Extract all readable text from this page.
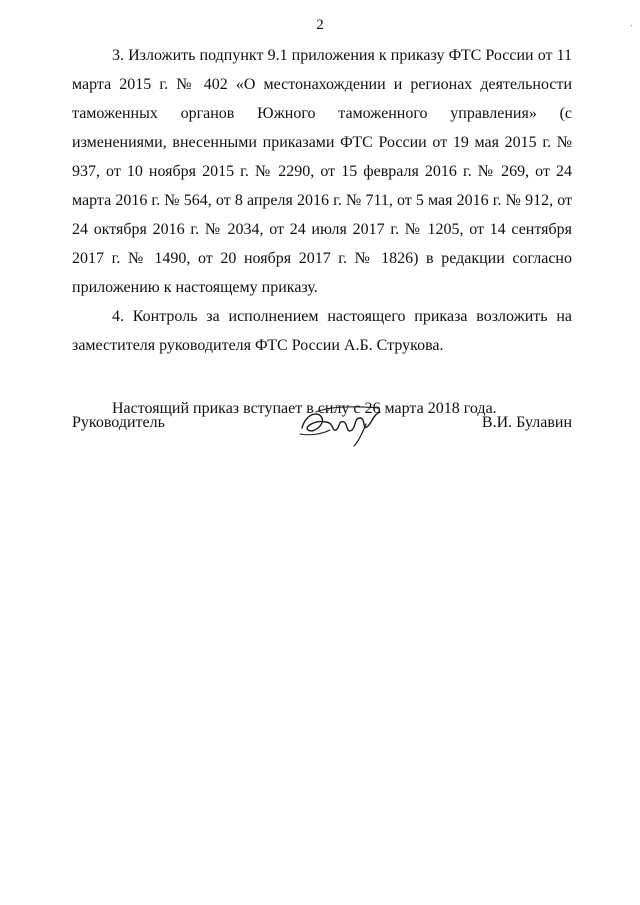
2

3. Изложить подпункт 9.1 приложения к приказу ФТС России от 11 марта 2015 г. № 402 «О местонахождении и регионах деятельности таможенных органов Южного таможенного управления» (с изменениями, внесенными приказами ФТС России от 19 мая 2015 г. № 937, от 10 ноября 2015 г. № 2290, от 15 февраля 2016 г. № 269, от 24 марта 2016 г. № 564, от 8 апреля 2016 г. № 711, от 5 мая 2016 г. № 912, от 24 октября 2016 г. № 2034, от 24 июля 2017 г. № 1205, от 14 сентября 2017 г. № 1490, от 20 ноября 2017 г. № 1826) в редакции согласно приложению к настоящему приказу.

4. Контроль за исполнением настоящего приказа возложить на заместителя руководителя ФТС России А.Б. Струкова.

Настоящий приказ вступает в силу с 26 марта 2018 года.

Руководитель	В.И. Булавин
